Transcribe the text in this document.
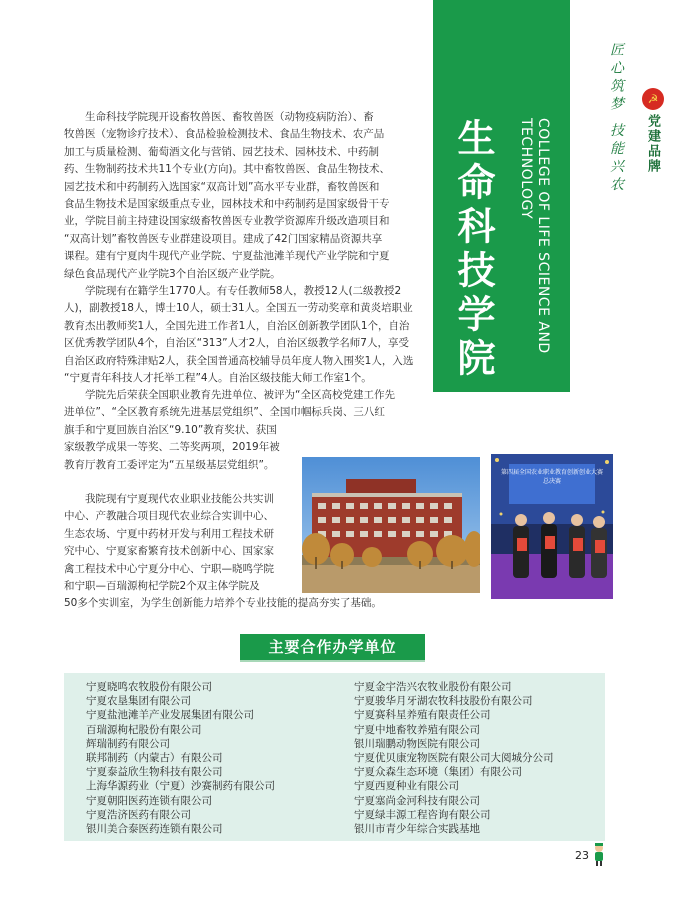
生命科技学院	COLLEGE OF LIFE SCIENCE AND TECHNOLOGY	匠心筑梦 技能兴农	☭
党建品牌

生命科技学院现开设畜牧兽医、畜牧兽医（动物疫病防治）、畜

牧兽医（宠物诊疗技术）、食品检验检测技术、食品生物技术、农产品

加工与质量检测、葡萄酒文化与营销、园艺技术、园林技术、中药制

药、生物制药技术共11个专业(方向)。其中畜牧兽医、食品生物技术、

园艺技术和中药制药入选国家“双高计划”高水平专业群，畜牧兽医和

食品生物技术是国家级重点专业，园林技术和中药制药是国家级骨干专

业，学院目前主持建设国家级畜牧兽医专业教学资源库升级改造项目和

“双高计划”畜牧兽医专业群建设项目。建成了42门国家精品资源共享

课程。建有宁夏肉牛现代产业学院、宁夏盐池滩羊现代产业学院和宁夏

绿色食品现代产业学院3个自治区级产业学院。

学院现有在籍学生1770人。有专任教师58人，教授12人(二级教授2

人)，副教授18人，博士10人，硕士31人。全国五一劳动奖章和黄炎培职业

教育杰出教师奖1人，全国先进工作者1人，自治区创新教学团队1个，自治

区优秀教学团队4个，自治区“313”人才2人，自治区级教学名师7人，享受

自治区政府特殊津贴2人，获全国普通高校辅导员年度人物入围奖1人，入选

“宁夏青年科技人才托举工程”4人。自治区级技能大师工作室1个。

学院先后荣获全国职业教育先进单位、被评为“全区高校党建工作先

进单位”、“全区教育系统先进基层党组织”、全国巾帼标兵岗、三八红

旗手和宁夏回族自治区“9.10”教育奖状、获国

家级教学成果一等奖、二等奖两项，2019年被

教育厅教育工委评定为“五星级基层党组织”。

我院现有宁夏现代农业职业技能公共实训

中心、产教融合项目现代农业综合实训中心、

生态农场、宁夏中药材开发与利用工程技术研

究中心、宁夏家畜繁育技术创新中心、国家家

禽工程技术中心宁夏分中心、宁职—晓鸣学院

和宁职—百瑞源枸杞学院2个双主体学院及

50多个实训室，为学生创新能力培养个专业技能的提高夯实了基础。

第四届全国农业职业教育创新创业大赛总决赛
主要合作办学单位
宁夏晓鸣农牧股份有限公司
宁夏农垦集团有限公司
宁夏盐池滩羊产业发展集团有限公司
百瑞源枸杞股份有限公司
辉瑞制药有限公司
联邦制药（内蒙古）有限公司
宁夏泰益欣生物科技有限公司
上海华源药业（宁夏）沙赛制药有限公司
宁夏朝阳医药连锁有限公司
宁夏浩济医药有限公司
银川美合泰医药连锁有限公司
宁夏金宇浩兴农牧业股份有限公司
宁夏骏华月牙湖农牧科技股份有限公司
宁夏赛科星养殖有限责任公司
宁夏中地畜牧养殖有限公司
银川瑞鹏动物医院有限公司
宁夏优贝康宠物医院有限公司大阅城分公司
宁夏众森生态环境（集团）有限公司
宁夏西夏种业有限公司
宁夏塞尚金河科技有限公司
宁夏绿丰源工程咨询有限公司
银川市青少年综合实践基地
23
